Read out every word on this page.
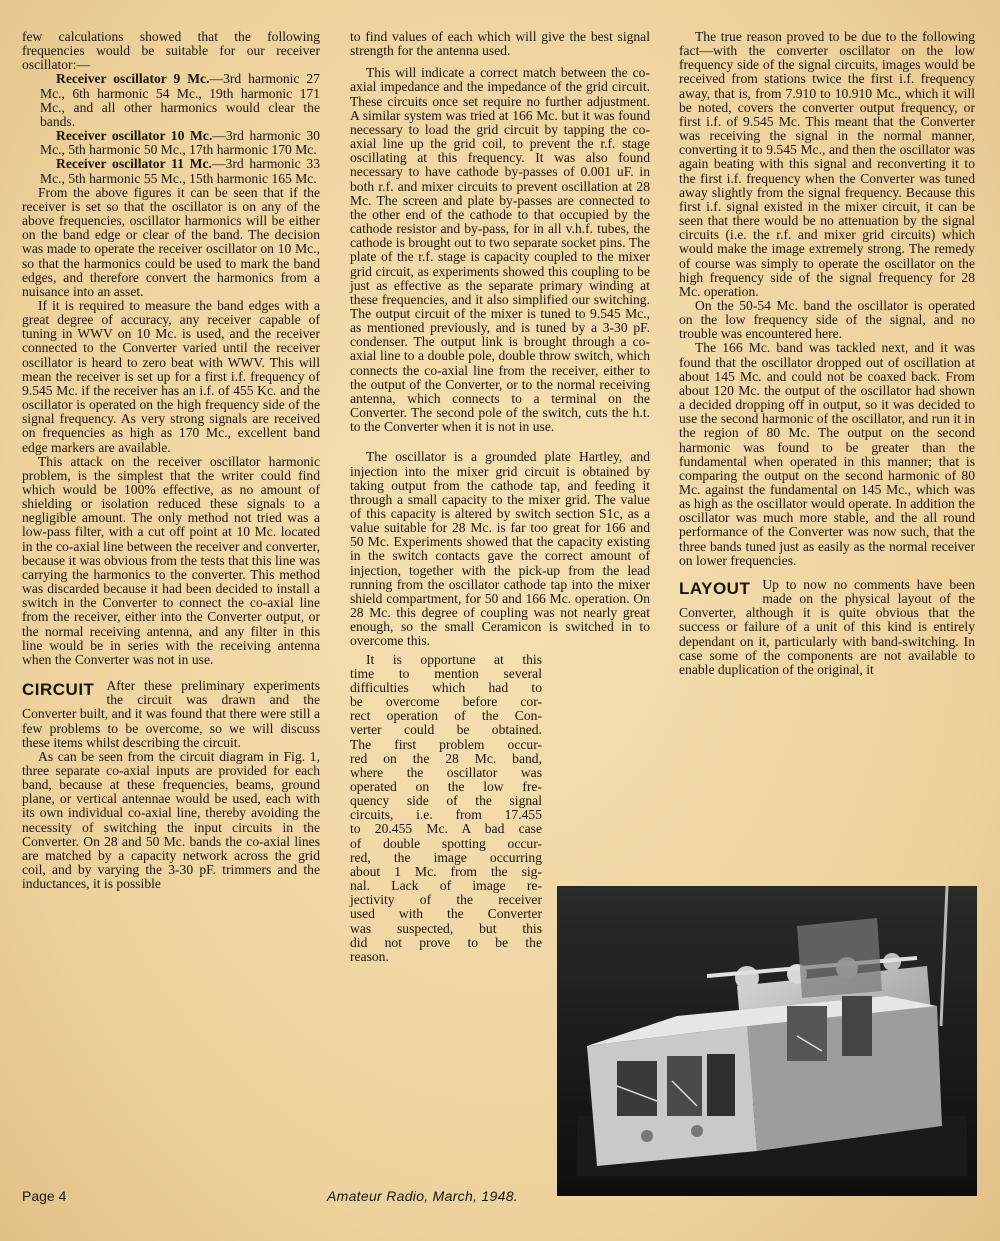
few calculations showed that the following frequencies would be suitable for our receiver oscillator:—

Receiver oscillator 9 Mc.—3rd harmonic 27 Mc., 6th harmonic 54 Mc., 19th harmonic 171 Mc., and all other harmonics would clear the bands.

Receiver oscillator 10 Mc.—3rd harmonic 30 Mc., 5th harmonic 50 Mc., 17th harmonic 170 Mc.

Receiver oscillator 11 Mc.—3rd harmonic 33 Mc., 5th harmonic 55 Mc., 15th harmonic 165 Mc.

From the above figures it can be seen that if the receiver is set so that the oscillator is on any of the above frequencies, oscillator harmonics will be either on the band edge or clear of the band. The decision was made to operate the receiver oscillator on 10 Mc., so that the harmonics could be used to mark the band edges, and therefore convert the harmonics from a nuisance into an asset.

If it is required to measure the band edges with a great degree of accuracy, any receiver capable of tuning in WWV on 10 Mc. is used, and the receiver connected to the Converter varied until the receiver oscillator is heard to zero beat with WWV. This will mean the receiver is set up for a first i.f. frequency of 9.545 Mc. if the receiver has an i.f. of 455 Kc. and the oscillator is operated on the high frequency side of the signal frequency. As very strong signals are received on frequencies as high as 170 Mc., excellent band edge markers are available.

This attack on the receiver oscillator harmonic problem, is the simplest that the writer could find which would be 100% effective, as no amount of shielding or isolation reduced these signals to a negligible amount. The only method not tried was a low-pass filter, with a cut off point at 10 Mc. located in the co-axial line between the receiver and converter, because it was obvious from the tests that this line was carrying the harmonics to the converter. This method was discarded because it had been decided to install a switch in the Converter to connect the co-axial line from the receiver, either into the Converter output, or the normal receiving antenna, and any filter in this line would be in series with the receiving antenna when the Converter was not in use.

CIRCUIT After these preliminary experiments the circuit was drawn and the Converter built, and it was found that there were still a few problems to be overcome, so we will discuss these items whilst describing the circuit.

As can be seen from the circuit diagram in Fig. 1, three separate co-axial inputs are provided for each band, because at these frequencies, beams, ground plane, or vertical antennae would be used, each with its own individual co-axial line, thereby avoiding the necessity of switching the input circuits in the Converter. On 28 and 50 Mc. bands the co-axial lines are matched by a capacity network across the grid coil, and by varying the 3-30 pF. trimmers and the inductances, it is possible

to find values of each which will give the best signal strength for the antenna used.

This will indicate a correct match between the co-axial impedance and the impedance of the grid circuit. These circuits once set require no further adjustment. A similar system was tried at 166 Mc. but it was found necessary to load the grid circuit by tapping the co-axial line up the grid coil, to prevent the r.f. stage oscillating at this frequency. It was also found necessary to have cathode by-passes of 0.001 uF. in both r.f. and mixer circuits to prevent oscillation at 28 Mc. The screen and plate by-passes are connected to the other end of the cathode to that occupied by the cathode resistor and by-pass, for in all v.h.f. tubes, the cathode is brought out to two separate socket pins. The plate of the r.f. stage is capacity coupled to the mixer grid circuit, as experiments showed this coupling to be just as effective as the separate primary winding at these frequencies, and it also simplified our switching. The output circuit of the mixer is tuned to 9.545 Mc., as mentioned previously, and is tuned by a 3-30 pF. condenser. The output link is brought through a co-axial line to a double pole, double throw switch, which connects the co-axial line from the receiver, either to the output of the Converter, or to the normal receiving antenna, which connects to a terminal on the Converter. The second pole of the switch, cuts the h.t. to the Converter when it is not in use.

The oscillator is a grounded plate Hartley, and injection into the mixer grid circuit is obtained by taking output from the cathode tap, and feeding it through a small capacity to the mixer grid. The value of this capacity is altered by switch section S1c, as a value suitable for 28 Mc. is far too great for 166 and 50 Mc. Experiments showed that the capacity existing in the switch contacts gave the correct amount of injection, together with the pick-up from the lead running from the oscillator cathode tap into the mixer shield compartment, for 50 and 166 Mc. operation. On 28 Mc. this degree of coupling was not nearly great enough, so the small Ceramicon is switched in to overcome this.

It is opportune at this
time to mention several
difficulties which had to
be overcome before cor-
rect operation of the Con-
verter could be obtained.
The first problem occur-
red on the 28 Mc. band,
where the oscillator was
operated on the low fre-
quency side of the signal
circuits, i.e. from 17.455
to 20.455 Mc. A bad case
of double spotting occur-
red, the image occurring
about 1 Mc. from the sig-
nal. Lack of image re-
jectivity of the receiver
used with the Converter
was suspected, but this
did not prove to be the
reason.

The true reason proved to be due to the following fact—with the converter oscillator on the low frequency side of the signal circuits, images would be received from stations twice the first i.f. frequency away, that is, from 7.910 to 10.910 Mc., which it will be noted, covers the converter output frequency, or first i.f. of 9.545 Mc. This meant that the Converter was receiving the signal in the normal manner, converting it to 9.545 Mc., and then the oscillator was again beating with this signal and reconverting it to the first i.f. frequency when the Converter was tuned away slightly from the signal frequency. Because this first i.f. signal existed in the mixer circuit, it can be seen that there would be no attenuation by the signal circuits (i.e. the r.f. and mixer grid circuits) which would make the image extremely strong. The remedy of course was simply to operate the oscillator on the high frequency side of the signal frequency for 28 Mc. operation.

On the 50-54 Mc. band the oscillator is operated on the low frequency side of the signal, and no trouble was encountered here.

The 166 Mc. band was tackled next, and it was found that the oscillator dropped out of oscillation at about 145 Mc. and could not be coaxed back. From about 120 Mc. the output of the oscillator had shown a decided dropping off in output, so it was decided to use the second harmonic of the oscillator, and run it in the region of 80 Mc. The output on the second harmonic was found to be greater than the fundamental when operated in this manner; that is comparing the output on the second harmonic of 80 Mc. against the fundamental on 145 Mc., which was as high as the oscillator would operate. In addition the oscillator was much more stable, and the all round performance of the Converter was now such, that the three bands tuned just as easily as the normal receiver on lower frequencies.

LAYOUT Up to now no comments have been made on the physical layout of the Converter, although it is quite obvious that the success or failure of a unit of this kind is entirely dependant on it, particularly with band-switching. In case some of the components are not available to enable duplication of the original, it

Page 4	Amateur Radio, March, 1948.
